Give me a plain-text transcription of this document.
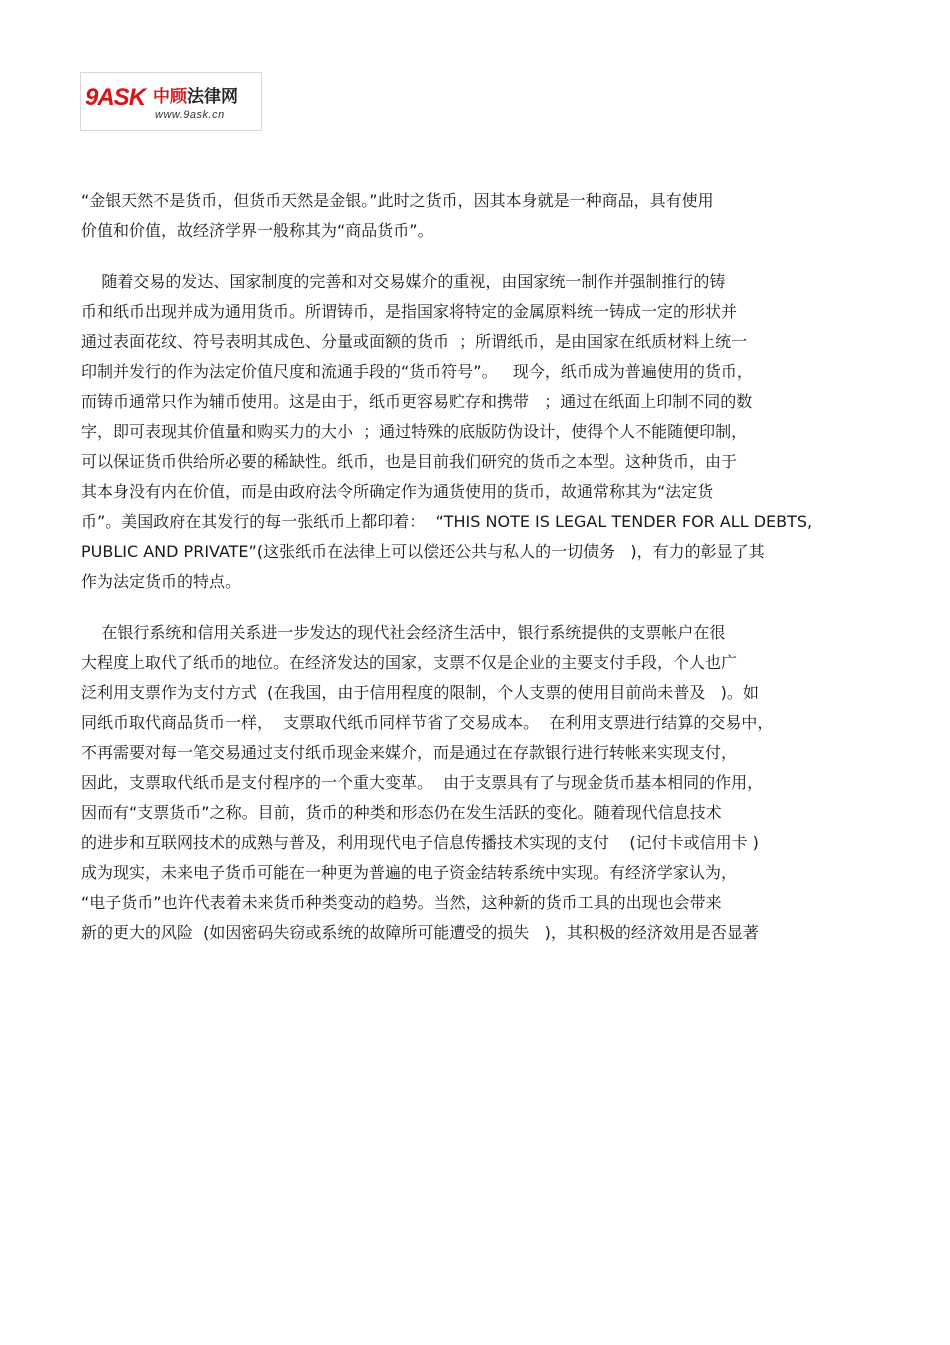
9ASK 中顾法律网
www.9ask.cn
“金银天然不是货币，但货币天然是金银。”此时之货币，因其本身就是一种商品，具有使用
价值和价值，故经济学界一般称其为“商品货币”。
随着交易的发达、国家制度的完善和对交易媒介的重视，由国家统一制作并强制推行的铸
币和纸币出现并成为通用货币。所谓铸币，是指国家将特定的金属原料统一铸成一定的形状并
通过表面花纹、符号表明其成色、分量或面额的货币  ；所谓纸币，是由国家在纸质材料上统一
印制并发行的作为法定价值尺度和流通手段的“货币符号”。   现今，纸币成为普遍使用的货币，
而铸币通常只作为辅币使用。这是由于，纸币更容易贮存和携带   ；通过在纸面上印制不同的数
字，即可表现其价值量和购买力的大小  ；通过特殊的底版防伪设计，使得个人不能随便印制，
可以保证货币供给所必要的稀缺性。纸币，也是目前我们研究的货币之本型。这种货币，由于
其本身没有内在价值，而是由政府法令所确定作为通货使用的货币，故通常称其为“法定货
币”。美国政府在其发行的每一张纸币上都印着：  “THIS NOTE IS LEGAL TENDER FOR ALL DEBTS,
PUBLIC AND PRIVATE”(这张纸币在法律上可以偿还公共与私人的一切债务   )，有力的彰显了其
作为法定货币的特点。
在银行系统和信用关系进一步发达的现代社会经济生活中，银行系统提供的支票帐户在很
大程度上取代了纸币的地位。在经济发达的国家，支票不仅是企业的主要支付手段，个人也广
泛利用支票作为支付方式  (在我国，由于信用程度的限制，个人支票的使用目前尚未普及   )。如
同纸币取代商品货币一样，  支票取代纸币同样节省了交易成本。  在利用支票进行结算的交易中，
不再需要对每一笔交易通过支付纸币现金来媒介，而是通过在存款银行进行转帐来实现支付，
因此，支票取代纸币是支付程序的一个重大变革。  由于支票具有了与现金货币基本相同的作用，
因而有“支票货币”之称。目前，货币的种类和形态仍在发生活跃的变化。随着现代信息技术
的进步和互联网技术的成熟与普及，利用现代电子信息传播技术实现的支付    (记付卡或信用卡 )
成为现实，未来电子货币可能在一种更为普遍的电子资金结转系统中实现。有经济学家认为，
“电子货币”也许代表着未来货币种类变动的趋势。当然，这种新的货币工具的出现也会带来
新的更大的风险  (如因密码失窃或系统的故障所可能遭受的损失   )，其积极的经济效用是否显著
